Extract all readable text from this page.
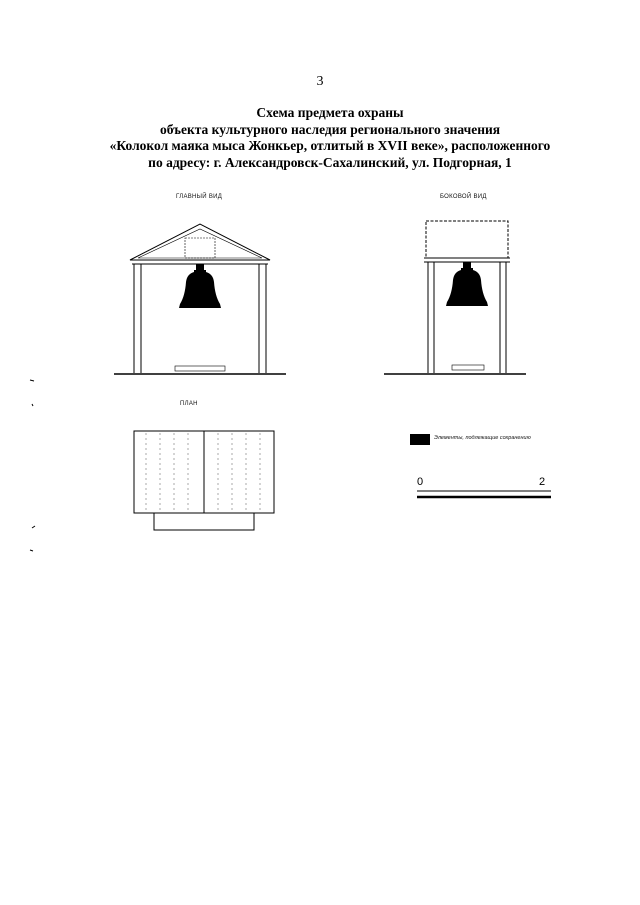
3
Схема предмета охраны
объекта культурного наследия регионального значения
«Колокол маяка мыса Жонкьер, отлитый в XVII веке», расположенного
по адресу: г. Александровск-Сахалинский, ул. Подгорная, 1
ГЛАВНЫЙ ВИД	БОКОВОЙ ВИД
ПЛАН
Элементы, подлежащие сохранению
0	2
